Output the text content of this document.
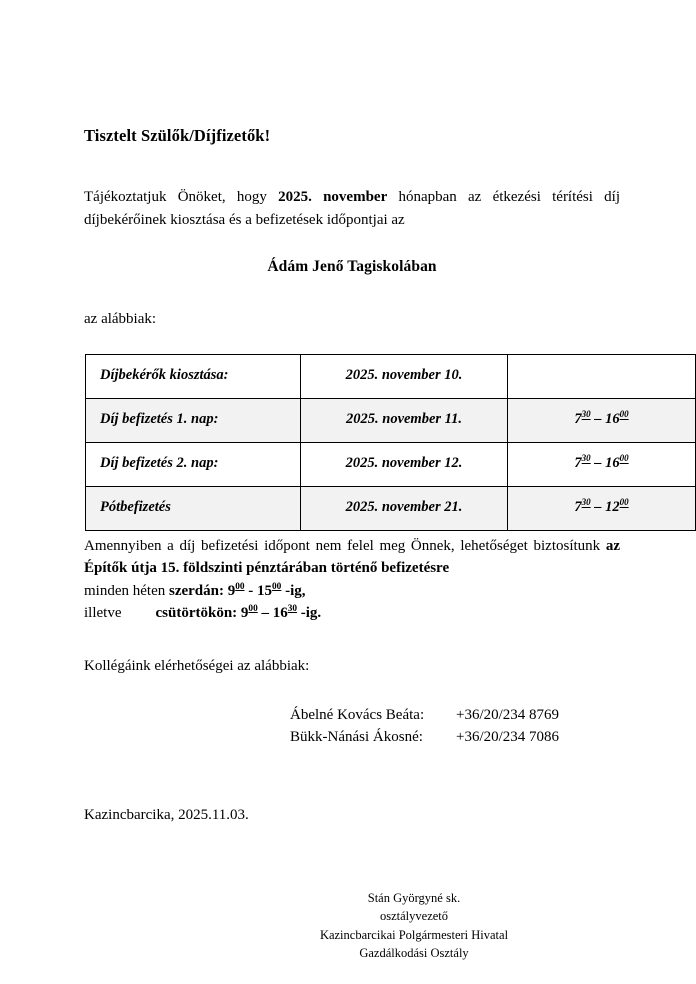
Tisztelt Szülők/Díjfizetők!

Tájékoztatjuk Önöket, hogy 2025. november hónapban az étkezési térítési díj díjbekérőinek kiosztása és a befizetések időpontjai az

Ádám Jenő Tagiskolában

az alábbiak:

Díjbekérők kiosztása:	2025. november 10.	
Díj befizetés 1. nap:	2025. november 11.	$7^{30} - 16^{00}$
Díj befizetés 2. nap:	2025. november 12.	$7^{30} - 16^{00}$
Pótbefizetés	2025. november 21.	$7^{30} - 12^{00}$

Amennyiben a díj befizetési időpont nem felel meg Önnek, lehetőséget biztosítunk az Építők útja 15. földszinti pénztárában történő befizetésre

minden héten szerdán: $9^{00} - 15^{00}$ -ig,
illetve csütörtökön: $9^{00} - 16^{30}$ -ig.

Kollégáink elérhetőségei az alábbiak:

Ábelné Kovács Beáta: +36/20/234 8769
Bükk-Nánási Ákosné: +36/20/234 7086

Kazincbarcika, 2025.11.03.

Stán Györgyné sk.
osztályvezető
Kazincbarcikai Polgármesteri Hivatal
Gazdálkodási Osztály
